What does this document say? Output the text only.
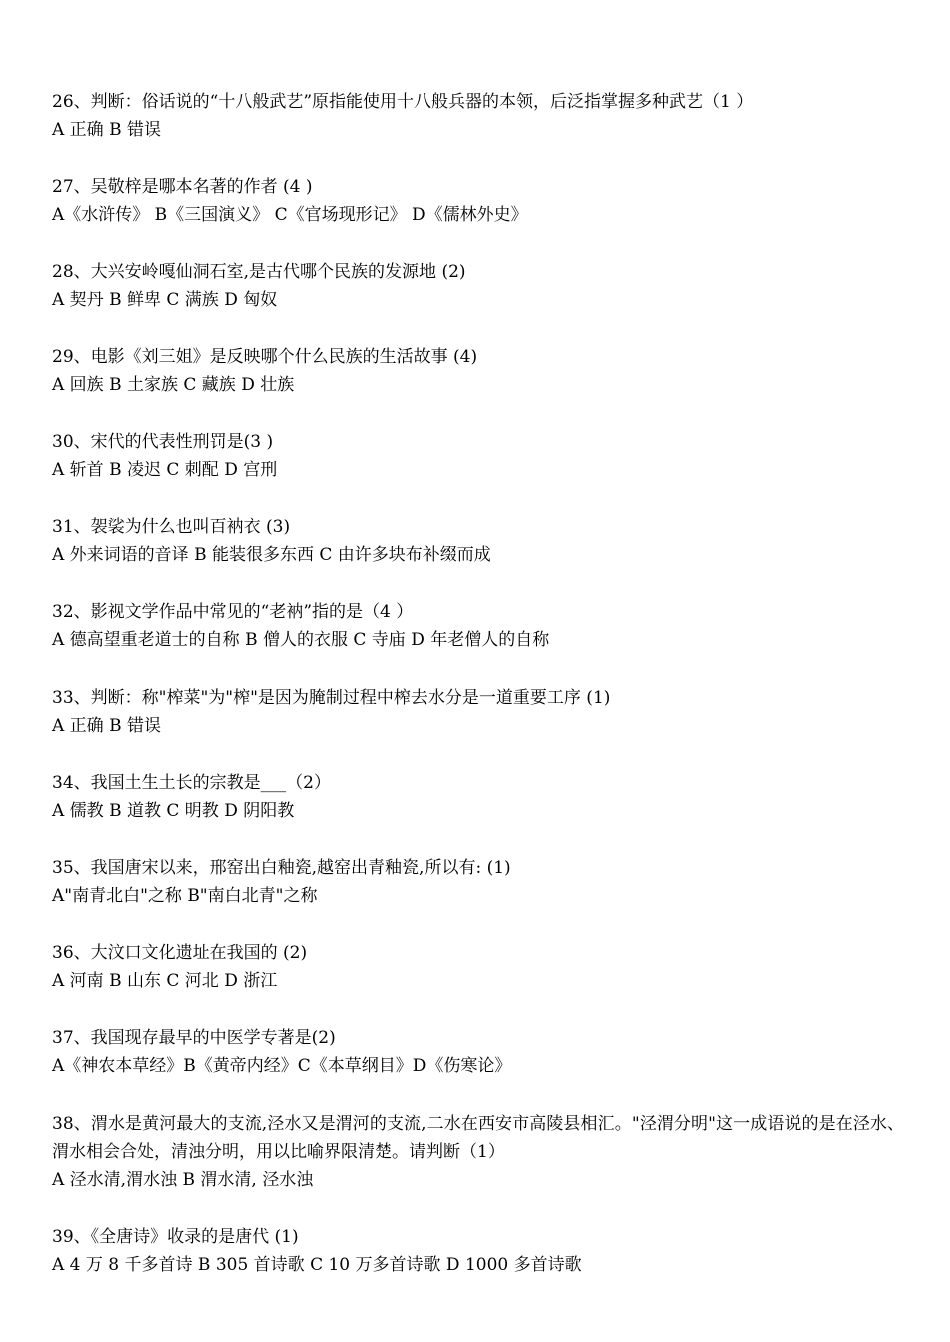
26、判断：俗话说的“十八般武艺”原指能使用十八般兵器的本领，后泛指掌握多种武艺（1 ）
A 正确 B 错误
27、吴敬梓是哪本名著的作者 (4 )
A《水浒传》 B《三国演义》 C《官场现形记》 D《儒林外史》
28、大兴安岭嘎仙洞石室,是古代哪个民族的发源地 (2)
A 契丹 B 鲜卑 C 满族 D 匈奴
29、电影《刘三姐》是反映哪个什么民族的生活故事 (4)
A 回族 B 土家族 C 藏族 D 壮族
30、宋代的代表性刑罚是(3 )
A 斩首 B 凌迟 C 刺配 D 宫刑
31、袈裟为什么也叫百衲衣 (3)
A 外来词语的音译 B 能装很多东西 C 由许多块布补缀而成
32、影视文学作品中常见的“老衲”指的是（4 ）
A 德高望重老道士的自称 B 僧人的衣服 C 寺庙 D 年老僧人的自称
33、判断：称"榨菜"为"榨"是因为腌制过程中榨去水分是一道重要工序 (1)
A 正确 B 错误
34、我国土生土长的宗教是___（2）
A 儒教 B 道教 C 明教 D 阴阳教
35、我国唐宋以来，邢窑出白釉瓷,越窑出青釉瓷,所以有: (1)
A"南青北白"之称 B"南白北青"之称
36、大汶口文化遗址在我国的 (2)
A 河南 B 山东 C 河北 D 浙江
37、我国现存最早的中医学专著是(2)
A《神农本草经》B《黄帝内经》C《本草纲目》D《伤寒论》
38、渭水是黄河最大的支流,泾水又是渭河的支流,二水在西安市高陵县相汇。"泾渭分明"这一成语说的是在泾水、渭水相会合处，清浊分明，用以比喻界限清楚。请判断（1）
A 泾水清,渭水浊 B 渭水清, 泾水浊
39、《全唐诗》收录的是唐代 (1)
A 4 万 8 千多首诗 B 305 首诗歌 C 10 万多首诗歌 D 1000 多首诗歌
